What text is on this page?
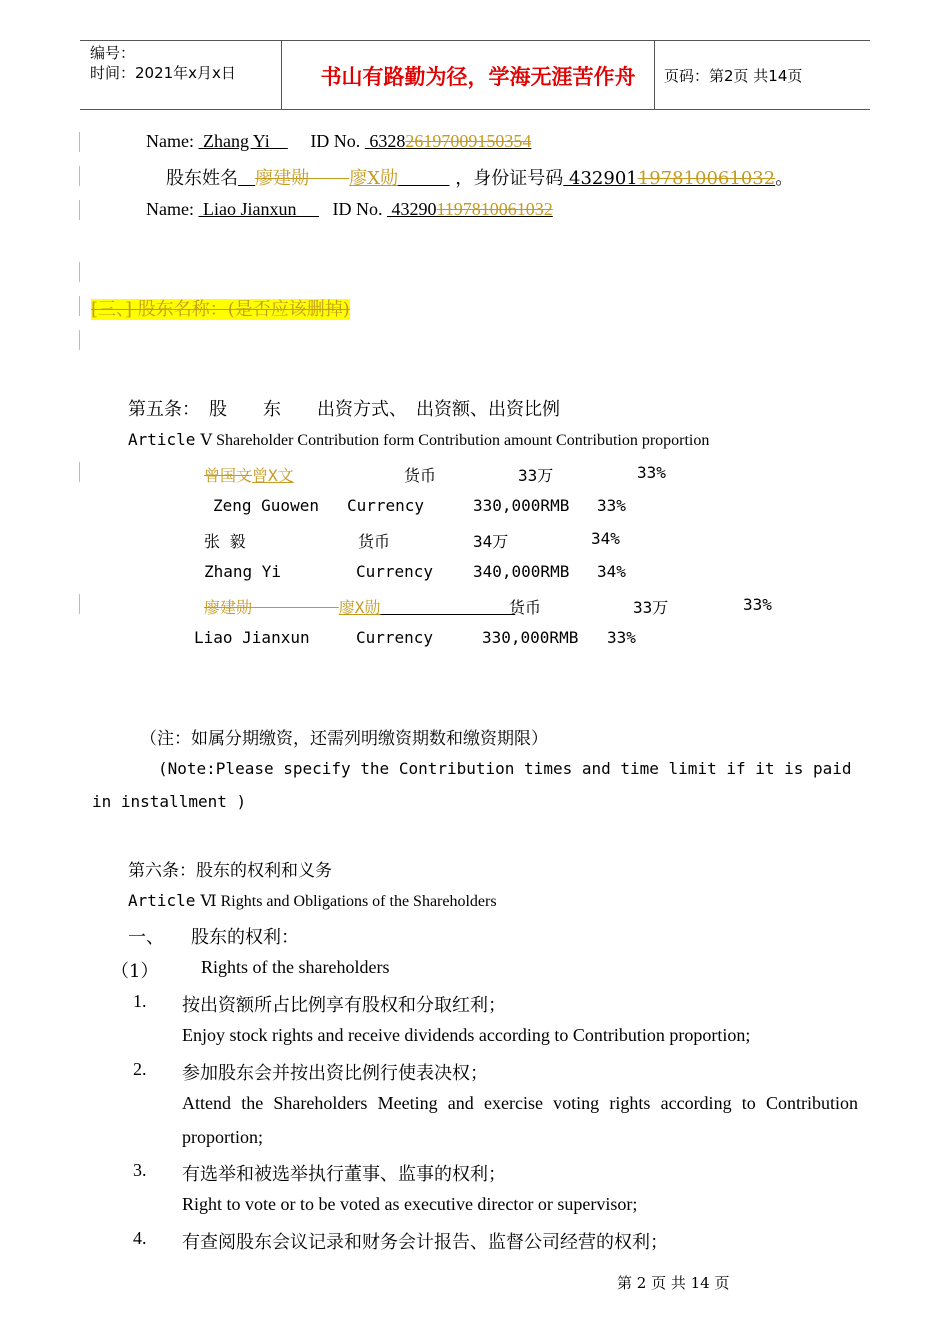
编号：
时间：2021年x月x日	书山有路勤为径，学海无涯苦作舟	页码：第2页 共14页
Name: Zhang Yi ID No. 632826197009150354
股东姓名 廖建勋 廖X勋	，身份证号码 432901197810061032。
Name: Liao Jianxun ID No. 432901197810061032
[三、] 股东名称：(是否应该删掉)
第五条：　股　　东　　出资方式、　出资额、出资比例
Article Ⅴ Shareholder Contribution form Contribution amount Contribution proportion
曾国文曾X文	货币	33万	33%
Zeng Guowen Currency	330,000RMB 33%
张 毅	货币	34万	34%
Zhang Yi	Currency 340,000RMB 34%
廖建勋	廖X勋	货币	33万	33%
Liao Jianxun	Currency	330,000RMB 33%
（注：如属分期缴资，还需列明缴资期数和缴资期限）
(Note:Please specify the Contribution times and time limit if it is paid
in installment )
第六条：股东的权利和义务
Article Ⅵ Rights and Obligations of the Shareholders
一、 股东的权利：
（1） Rights of the shareholders
1. 按出资额所占比例享有股权和分取红利；
Enjoy stock rights and receive dividends according to Contribution proportion;
2. 参加股东会并按出资比例行使表决权；
Attend the Shareholders Meeting and exercise voting rights according to Contribution
proportion;
3. 有选举和被选举执行董事、监事的权利；
Right to vote or to be voted as executive director or supervisor;
4. 有查阅股东会议记录和财务会计报告、监督公司经营的权利；
第 2 页 共 14 页
